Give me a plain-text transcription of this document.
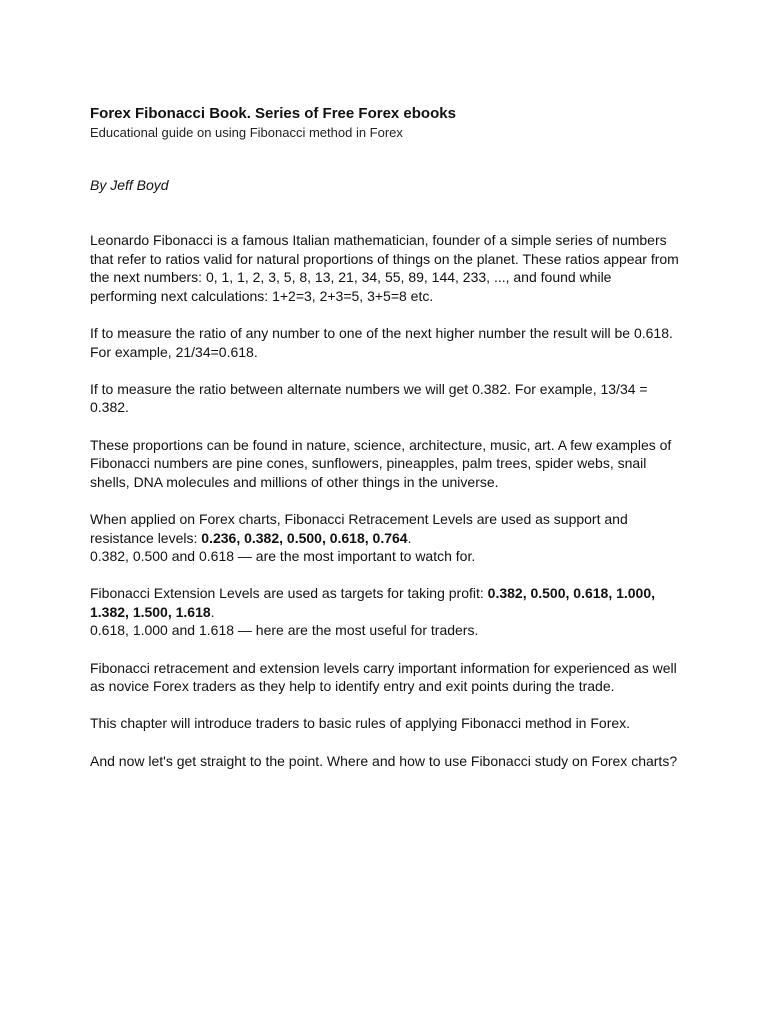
Forex Fibonacci Book. Series of Free Forex ebooks

Educational guide on using Fibonacci method in Forex

By Jeff Boyd

Leonardo Fibonacci is a famous Italian mathematician, founder of a simple series of numbers that refer to ratios valid for natural proportions of things on the planet. These ratios appear from the next numbers: 0, 1, 1, 2, 3, 5, 8, 13, 21, 34, 55, 89, 144, 233, ..., and found while performing next calculations: 1+2=3, 2+3=5, 3+5=8 etc.

If to measure the ratio of any number to one of the next higher number the result will be 0.618. For example, 21/34=0.618.

If to measure the ratio between alternate numbers we will get 0.382. For example, 13/34 = 0.382.

These proportions can be found in nature, science, architecture, music, art. A few examples of Fibonacci numbers are pine cones, sunflowers, pineapples, palm trees, spider webs, snail shells, DNA molecules and millions of other things in the universe.

When applied on Forex charts, Fibonacci Retracement Levels are used as support and resistance levels: 0.236, 0.382, 0.500, 0.618, 0.764.
0.382, 0.500 and 0.618 — are the most important to watch for.

Fibonacci Extension Levels are used as targets for taking profit: 0.382, 0.500, 0.618, 1.000, 1.382, 1.500, 1.618.
0.618, 1.000 and 1.618 — here are the most useful for traders.

Fibonacci retracement and extension levels carry important information for experienced as well as novice Forex traders as they help to identify entry and exit points during the trade.

This chapter will introduce traders to basic rules of applying Fibonacci method in Forex.

And now let's get straight to the point. Where and how to use Fibonacci study on Forex charts?
